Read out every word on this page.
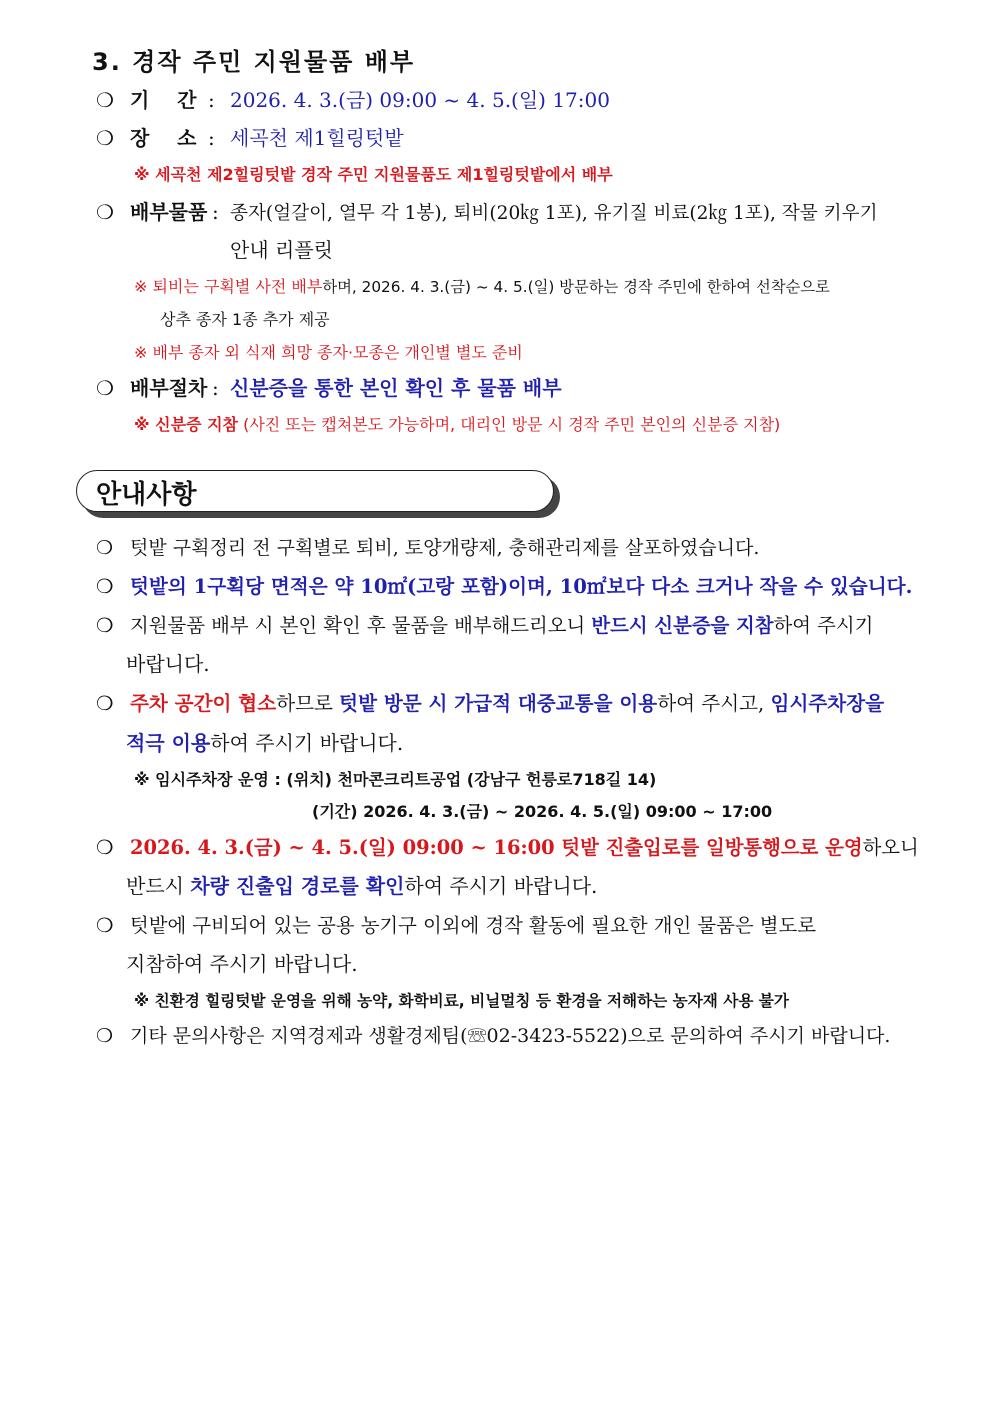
3. 경작 주민 지원물품 배부
❍ 기    간 : 2026. 4. 3.(금) 09:00 ~ 4. 5.(일) 17:00
❍ 장    소 : 세곡천 제1힐링텃밭
※ 세곡천 제2힐링텃밭 경작 주민 지원물품도 제1힐링텃밭에서 배부
❍ 배부물품 : 종자(얼갈이, 열무 각 1봉), 퇴비(20㎏ 1포), 유기질 비료(2㎏ 1포), 작물 키우기
안내 리플릿
※ 퇴비는 구획별 사전 배부하며, 2026. 4. 3.(금) ~ 4. 5.(일) 방문하는 경작 주민에 한하여 선착순으로
상추 종자 1종 추가 제공
※ 배부 종자 외 식재 희망 종자·모종은 개인별 별도 준비
❍ 배부절차 : 신분증을 통한 본인 확인 후 물품 배부
※ 신분증 지참 (사진 또는 캡쳐본도 가능하며, 대리인 방문 시 경작 주민 본인의 신분증 지참)
안내사항
❍ 텃밭 구획정리 전 구획별로 퇴비, 토양개량제, 충해관리제를 살포하였습니다.
❍ 텃밭의 1구획당 면적은 약 10㎡(고랑 포함)이며, 10㎡보다 다소 크거나 작을 수 있습니다.
❍ 지원물품 배부 시 본인 확인 후 물품을 배부해드리오니 반드시 신분증을 지참하여 주시기
바랍니다.
❍ 주차 공간이 협소하므로 텃밭 방문 시 가급적 대중교통을 이용하여 주시고, 임시주차장을
적극 이용하여 주시기 바랍니다.
※ 임시주차장 운영 : (위치) 천마콘크리트공업 (강남구 헌릉로718길 14)
(기간) 2026. 4. 3.(금) ~ 2026. 4. 5.(일) 09:00 ~ 17:00
❍ 2026. 4. 3.(금) ~ 4. 5.(일) 09:00 ~ 16:00 텃밭 진출입로를 일방통행으로 운영하오니
반드시 차량 진출입 경로를 확인하여 주시기 바랍니다.
❍ 텃밭에 구비되어 있는 공용 농기구 이외에 경작 활동에 필요한 개인 물품은 별도로
지참하여 주시기 바랍니다.
※ 친환경 힐링텃밭 운영을 위해 농약, 화학비료, 비닐멀칭 등 환경을 저해하는 농자재 사용 불가
❍ 기타 문의사항은 지역경제과 생활경제팀(☏02-3423-5522)으로 문의하여 주시기 바랍니다.
